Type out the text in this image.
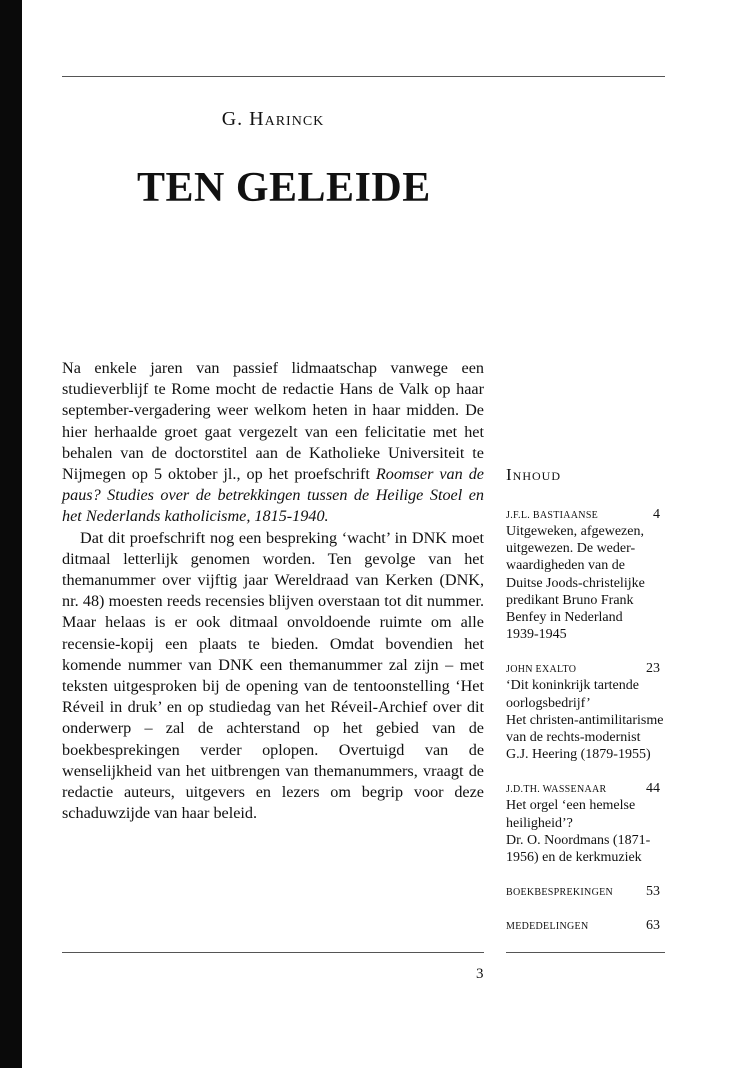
G. Harinck
TEN GELEIDE

Na enkele jaren van passief lidmaatschap vanwege een studieverblijf te Rome mocht de redactie Hans de Valk op haar september-vergadering weer welkom heten in haar midden. De hier herhaalde groet gaat vergezelt van een felicitatie met het behalen van de doctorstitel aan de Katholieke Universiteit te Nijmegen op 5 oktober jl., op het proefschrift Roomser van de paus? Studies over de betrekkingen tussen de Heilige Stoel en het Nederlands katholicisme, 1815-1940.

Dat dit proefschrift nog een bespreking ‘wacht’ in DNK moet ditmaal letterlijk genomen worden. Ten gevolge van het themanummer over vijftig jaar Wereldraad van Kerken (DNK, nr. 48) moesten reeds recensies blijven overstaan tot dit nummer. Maar helaas is er ook ditmaal onvoldoende ruimte om alle recensie-kopij een plaats te bieden. Omdat bovendien het komende nummer van DNK een themanummer zal zijn – met teksten uitgesproken bij de opening van de tentoonstelling ‘Het Réveil in druk’ en op studiedag van het Réveil-Archief over dit onderwerp – zal de achterstand op het gebied van de boekbesprekingen verder oplopen. Overtuigd van de wenselijkheid van het uitbrengen van themanummers, vraagt de redactie auteurs, uitgevers en lezers om begrip voor deze schaduwzijde van haar beleid.

Inhoud
J.F.L. BASTIAANSE	4
Uitgeweken, afgewezen,
uitgewezen. De weder-
waardigheden van de
Duitse Joods-christelijke
predikant Bruno Frank
Benfey in Nederland
1939-1945
JOHN EXALTO	23
‘Dit koninkrijk tartende
oorlogsbedrijf’
Het christen-antimilitarisme
van de rechts-modernist
G.J. Heering (1879-1955)
J.D.TH. WASSENAAR	44
Het orgel ‘een hemelse
heiligheid’?
Dr. O. Noordmans (1871-
1956) en de kerkmuziek
BOEKBESPREKINGEN 53
MEDEDELINGEN	63
3
